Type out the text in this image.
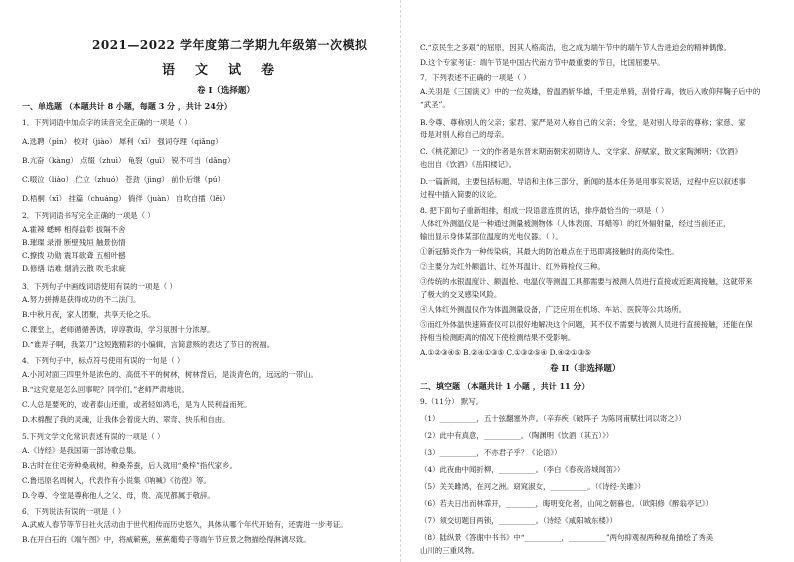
2021—2022 学年度第二学期九年级第一次模拟
语文试卷
卷 I（选择题）
一、单选题 （本题共计 8 小题，每题 3 分 ，共计 24分）
1．下列词语中加点字的读音完全正确的一项是（ ）
A.选聘（pìn） 校对（jiào） 犀利（xī） 强词夺理（qiǎng）
B.亢奋（kàng） 点缀（zhuì） 龟裂（guī） 锐不可当（dǎng）
C.啜泣（liào） 伫立（zhuó） 苍劲（jìng） 前仆后继（pú）
D.梧桐（xī） 挂篇（chuáng） 徜徉（juàn） 自吹自擂（lěi）
2．下列词语书写完全正确的一项是（ ）
A.霍辣 蟋蟀 相得益彰 拔隔不舍
B.璀璨 录滑 断壁残垣 触景伤情
C.撩拨 功勋 震耳欲聋 五相叶撼
D.修缮 诘难 烟消云散 吹毛求疵
3．下列句子中画线词语使用有误的一项是（ ）
A.努力拼搏是获得成功的不二法门。
B.中秋月夜，家人团聚，共享天伦之乐。
C.课堂上，老师循循善诱，谆谆教诲，学习氛围十分浓厚。
D.“谁弄子啊，我菜刀”这短跑精彩的小编辑，言简意赅的表达了节日的祝福。
4．下列句子中，标点符号使用有误的一句是（ ）
A.小河对面三四里外是浓色的、高低不平的树林，树林背后，是淡青色的，远远的一带山。
B.“这究竟是怎么回事呢？同学们。”老师严肃地说。
C.人总是要死的，或者泰山还重，或者轻如鸿毛，是为人民利益而死。
D.木棉醒了我的灵魂，让我体会着庞大的、翠奇、快乐和自由。
5.下列文学文化常识表述有误的一项是（ ）
A.《诗经》是我国第一部诗歌总集。
B.古时在住宅旁种桑栽树，种桑养蚕，后人就用“桑梓”指代家乡。
C.鲁迅原名周树人，代表作有小说集《呐喊》《彷徨》等。
D.令尊、令堂是尊称他人之父、母，贵、高见都属于敬辞。
6．下列说法有误的一项是（ ）
A.武威人春节等节日社火活动由于世代相传而历史悠久，具体从哪个年代开始有，还需进一步考证。
B.在开白石的《端午图》中，将威蕲蕉，蕉蕉葡萄子等端午节应景之物描绘得淋漓尽致。
C.“京民生之多艰”的屈原，因其人格高洁，也之成为端午节中的端午节人告进迫会的精神偶像。
D.这个专家考证：端午节是中国古代南方节中最重要的节日，比国屈要早。
7．下列表述不正确的一项是（ ）
A.关羽是《三国演义》中的一位英雄，曾温酒斩华雄，千里走单骑，刮骨疗毒，彼后入败仰拜鞠子后中的
“武圣”。
B.令尊、尊称别人的父亲；家君、家严是对人称自己的父亲；令堂，是对别人母亲的尊称；家慈、家
母是对别人称自己的母亲。
C.《桃花源记》一文的作者是东晋末期南朝宋初期诗人、文学家、辞赋家、散文家陶渊明；《饮酒》
也出自《饮酒》《岳阳楼记》。
D.一篇新闻，主要包括标题、导语和主体三部分，新闻的基本任务是用事实说话，过程中应以叙述事
过程中插入简要的议论。
8. 把下面句子重新组排，组成一段语意连贯的话，排序最恰当的一项是（ ）
人体红外测温仪是一种通过测量被测物体（人体表面、耳蜡等）的红外辐射量，经过当前还正，
输出显示身体某部位温度的光电仪器。（ ）。
①新冠肺炎作为一种传染病，其最大的防治难点在于迅即离接触时的高传染性。
②主要分为红外额温计、红外耳温计、红外筛检仪三种。
③传统的水银温度计、额温枪、电温仪等测温工具都需要与被测人员进行直接或近距离接触，这就带来
了极大的交叉感染风险。
④人体红外测温仪作为体温测量设备，广泛应用在机场、车站、医院等公共场所。
⑤而红外体温快速筛查仪可以很好地解决这个问题，其不仅不需要与被测人员进行直接接触，还能在保
持相当检测距离的情况下使检测结果不受影响。
A.①②③④⑤ B.②④①③⑤ C.①③②⑤④ D.④②①③⑤
卷 II（非选择题）
二、填空题 （本题共计 1 小题 ，共计 11 分）
9.（11分） 默写。
（1）__________，五十弦翻塞外声。（辛弃疾《破阵子 为陈同甫赋壮词以寄之》）
（2）此中有真意，__________。（陶渊明《饮酒（其五）》）
（3）__________，不亦君子乎？《论语》）
（4）此夜曲中闻折柳，__________。（李白《春夜洛城闻笛》）
（5）关关雎鸠，在河之洲。窈窕淑女，__________。（《诗经·关雎》）
（6）若夫日出而林霏开，________，晦明变化者，山间之朝暮也。（欧阳修《醉翁亭记》）
（7）须交切题目两锁，__________。（诗经《咸阳城东楼》）
（8）陆纵景《答谢中书书》中“__________，__________”两句抑观视两种视角描绘了秀美
山川的三重风物。
